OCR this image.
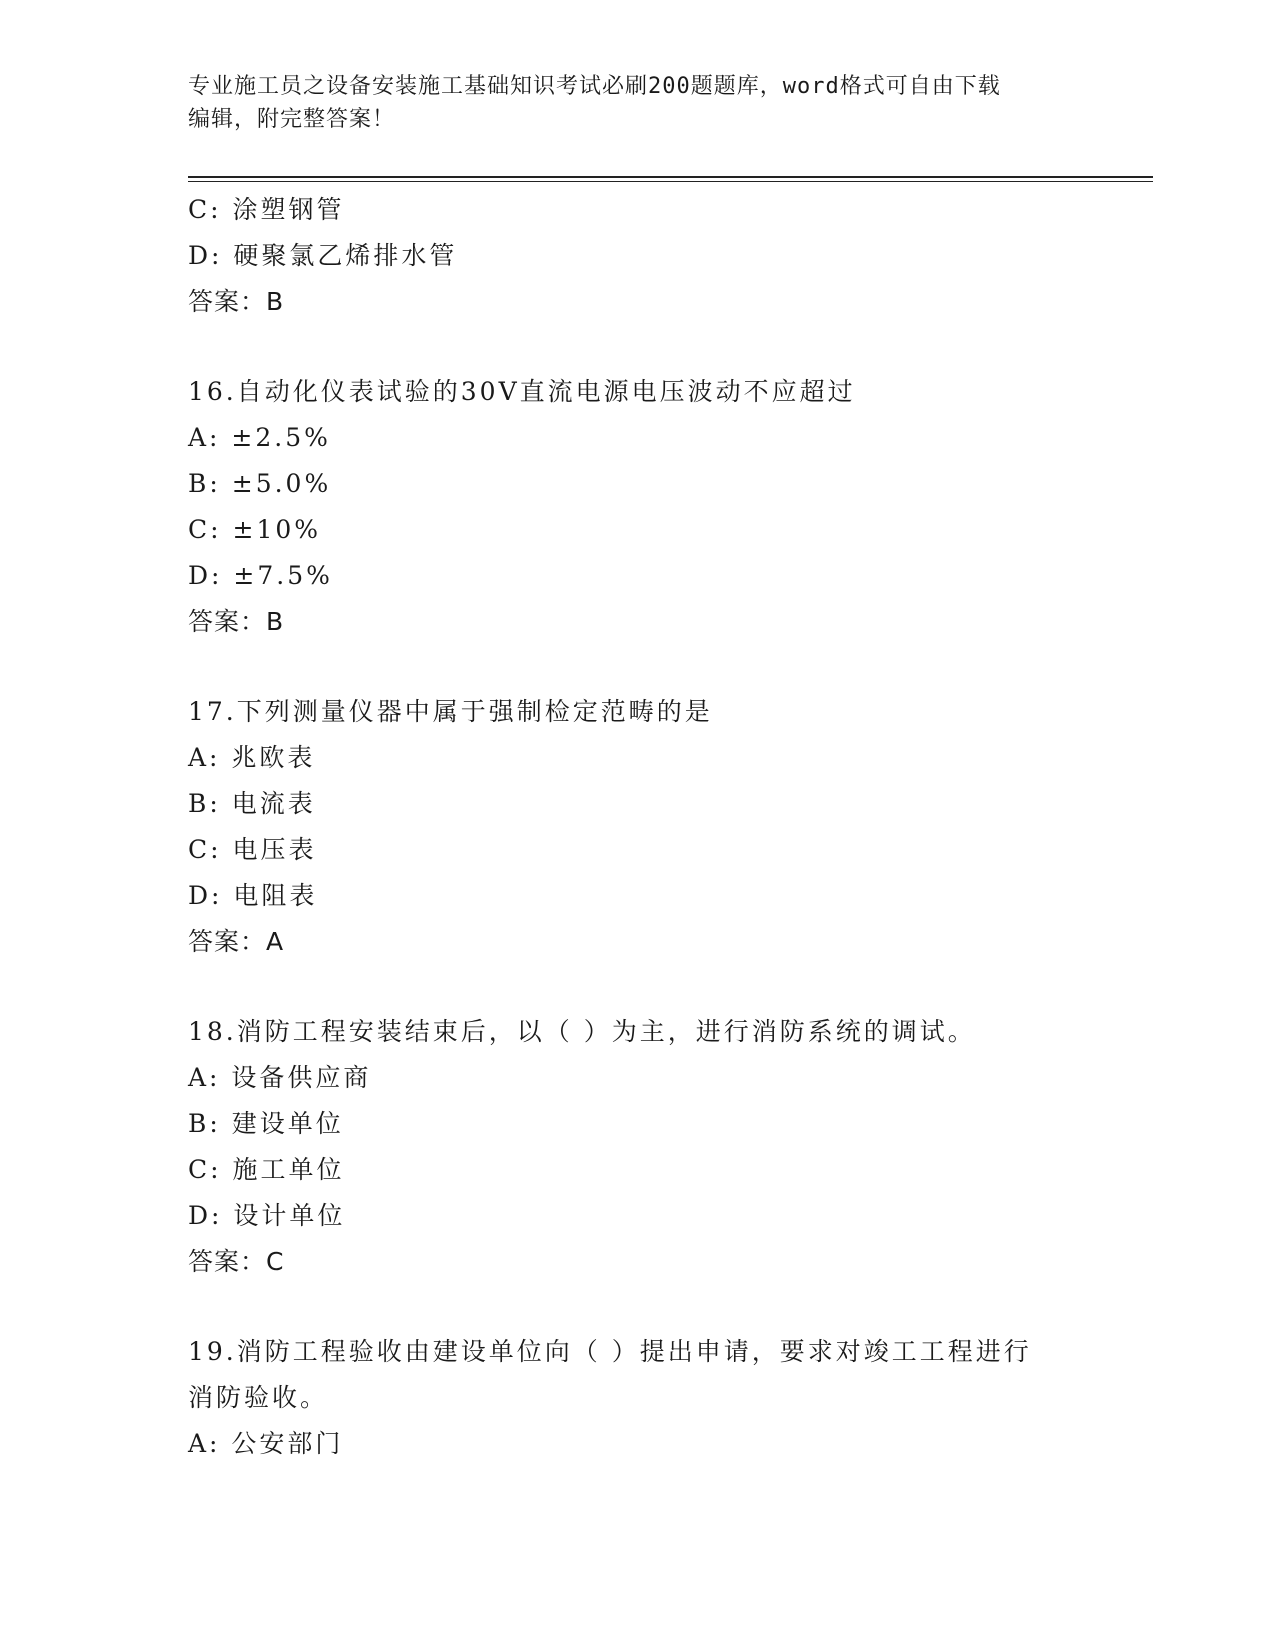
专业施工员之设备安装施工基础知识考试必刷200题题库，word格式可自由下载
编辑，附完整答案！
C: 涂塑钢管
D: 硬聚氯乙烯排水管
答案：B
16.自动化仪表试验的30V直流电源电压波动不应超过
A: ±2.5%
B: ±5.0%
C: ±10%
D: ±7.5%
答案：B
17.下列测量仪器中属于强制检定范畴的是
A: 兆欧表
B: 电流表
C: 电压表
D: 电阻表
答案：A
18.消防工程安装结束后，以（ ）为主，进行消防系统的调试。
A: 设备供应商
B: 建设单位
C: 施工单位
D: 设计单位
答案：C
19.消防工程验收由建设单位向（ ）提出申请，要求对竣工工程进行
消防验收。
A: 公安部门
